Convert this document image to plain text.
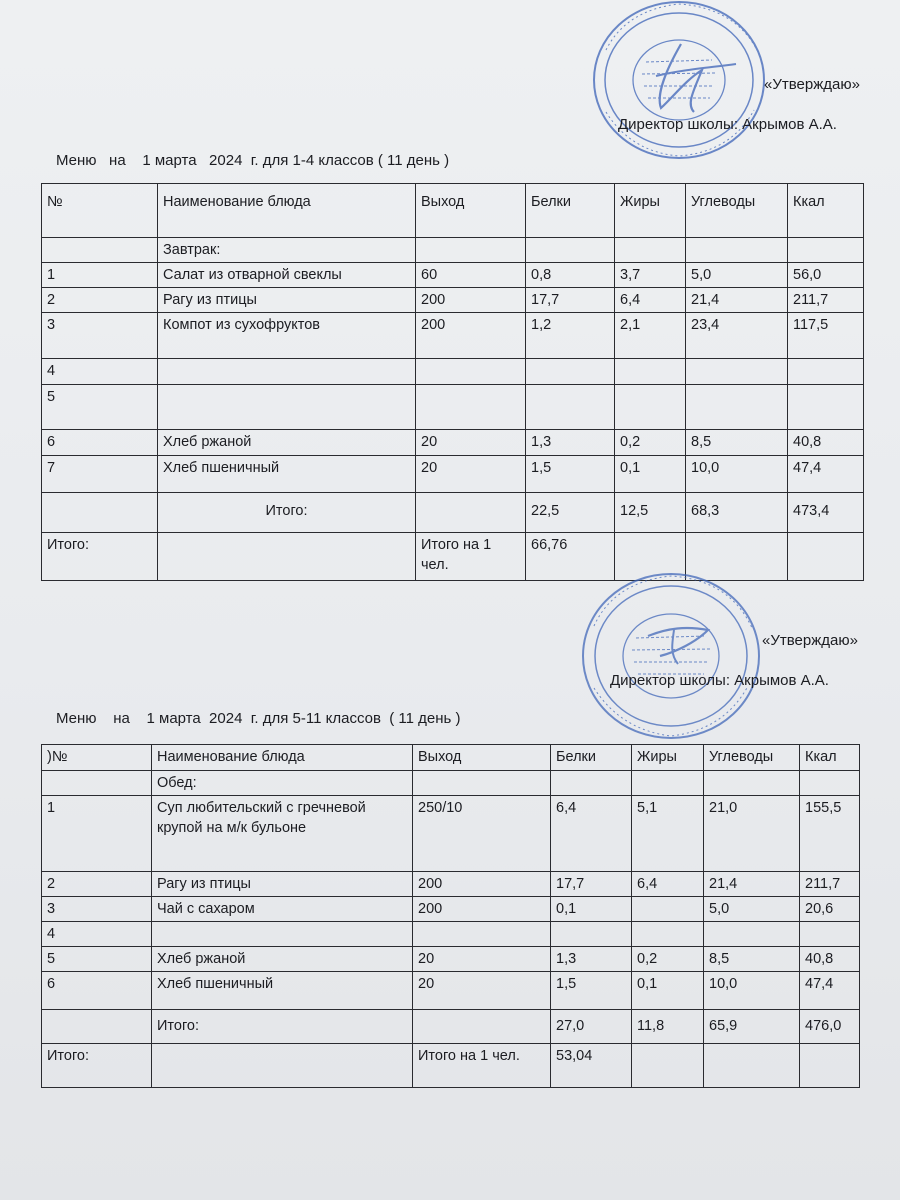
«Утверждаю»
Директор школы: Акрымов А.А.
Меню   на    1 марта   2024  г. для 1-4 классов ( 11 день )
№	Наименование блюда	Выход	Белки	Жиры	Углеводы	Ккал
	Завтрак:					
1	Салат из отварной свеклы	60	0,8	3,7	5,0	56,0
2	Рагу из птицы	200	17,7	6,4	21,4	211,7
3	Компот из сухофруктов	200	1,2	2,1	23,4	117,5
4						
5						
6	Хлеб ржаной	20	1,3	0,2	8,5	40,8
7	Хлеб пшеничный	20	1,5	0,1	10,0	47,4
	Итого:		22,5	12,5	68,3	473,4
Итого:		Итого на 1 чел.	66,76			
«Утверждаю»
Директор школы: Акрымов А.А.
Меню    на    1 марта  2024  г. для 5-11 классов  ( 11 день )
)№	Наименование блюда	Выход	Белки	Жиры	Углеводы	Ккал
	Обед:					
1	Суп любительский с гречневой крупой на м/к бульоне	250/10	6,4	5,1	21,0	155,5
2	Рагу из птицы	200	17,7	6,4	21,4	211,7
3	Чай с сахаром	200	0,1		5,0	20,6
4						
5	Хлеб ржаной	20	1,3	0,2	8,5	40,8
6	Хлеб пшеничный	20	1,5	0,1	10,0	47,4
	Итого:		27,0	11,8	65,9	476,0
Итого:		Итого на 1 чел.	53,04			
